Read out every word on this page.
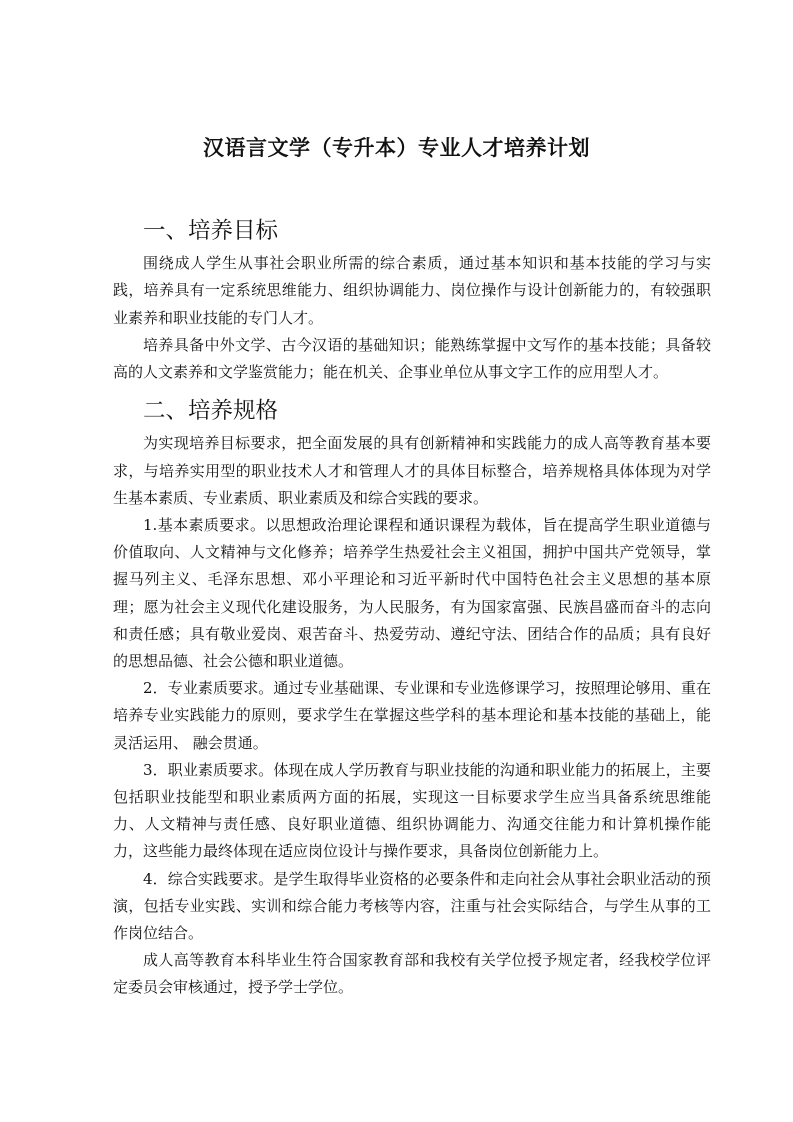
汉语言文学（专升本）专业人才培养计划
一、培养目标

围绕成人学生从事社会职业所需的综合素质，通过基本知识和基本技能的学习与实践，培养具有一定系统思维能力、组织协调能力、岗位操作与设计创新能力的，有较强职业素养和职业技能的专门人才。

培养具备中外文学、古今汉语的基础知识；能熟练掌握中文写作的基本技能；具备较高的人文素养和文学鉴赏能力；能在机关、企事业单位从事文字工作的应用型人才。

二、培养规格

为实现培养目标要求，把全面发展的具有创新精神和实践能力的成人高等教育基本要求，与培养实用型的职业技术人才和管理人才的具体目标整合，培养规格具体体现为对学生基本素质、专业素质、职业素质及和综合实践的要求。

1.基本素质要求。以思想政治理论课程和通识课程为载体，旨在提高学生职业道德与价值取向、人文精神与文化修养；培养学生热爱社会主义祖国，拥护中国共产党领导，掌握马列主义、毛泽东思想、邓小平理论和习近平新时代中国特色社会主义思想的基本原理；愿为社会主义现代化建设服务，为人民服务，有为国家富强、民族昌盛而奋斗的志向和责任感；具有敬业爱岗、艰苦奋斗、热爱劳动、遵纪守法、团结合作的品质；具有良好的思想品德、社会公德和职业道德。

2．专业素质要求。通过专业基础课、专业课和专业选修课学习，按照理论够用、重在培养专业实践能力的原则，要求学生在掌握这些学科的基本理论和基本技能的基础上，能灵活运用、 融会贯通。

3．职业素质要求。体现在成人学历教育与职业技能的沟通和职业能力的拓展上，主要包括职业技能型和职业素质两方面的拓展，实现这一目标要求学生应当具备系统思维能力、人文精神与责任感、良好职业道德、组织协调能力、沟通交往能力和计算机操作能力，这些能力最终体现在适应岗位设计与操作要求，具备岗位创新能力上。

4．综合实践要求。是学生取得毕业资格的必要条件和走向社会从事社会职业活动的预演，包括专业实践、实训和综合能力考核等内容，注重与社会实际结合，与学生从事的工作岗位结合。

成人高等教育本科毕业生符合国家教育部和我校有关学位授予规定者，经我校学位评定委员会审核通过，授予学士学位。
